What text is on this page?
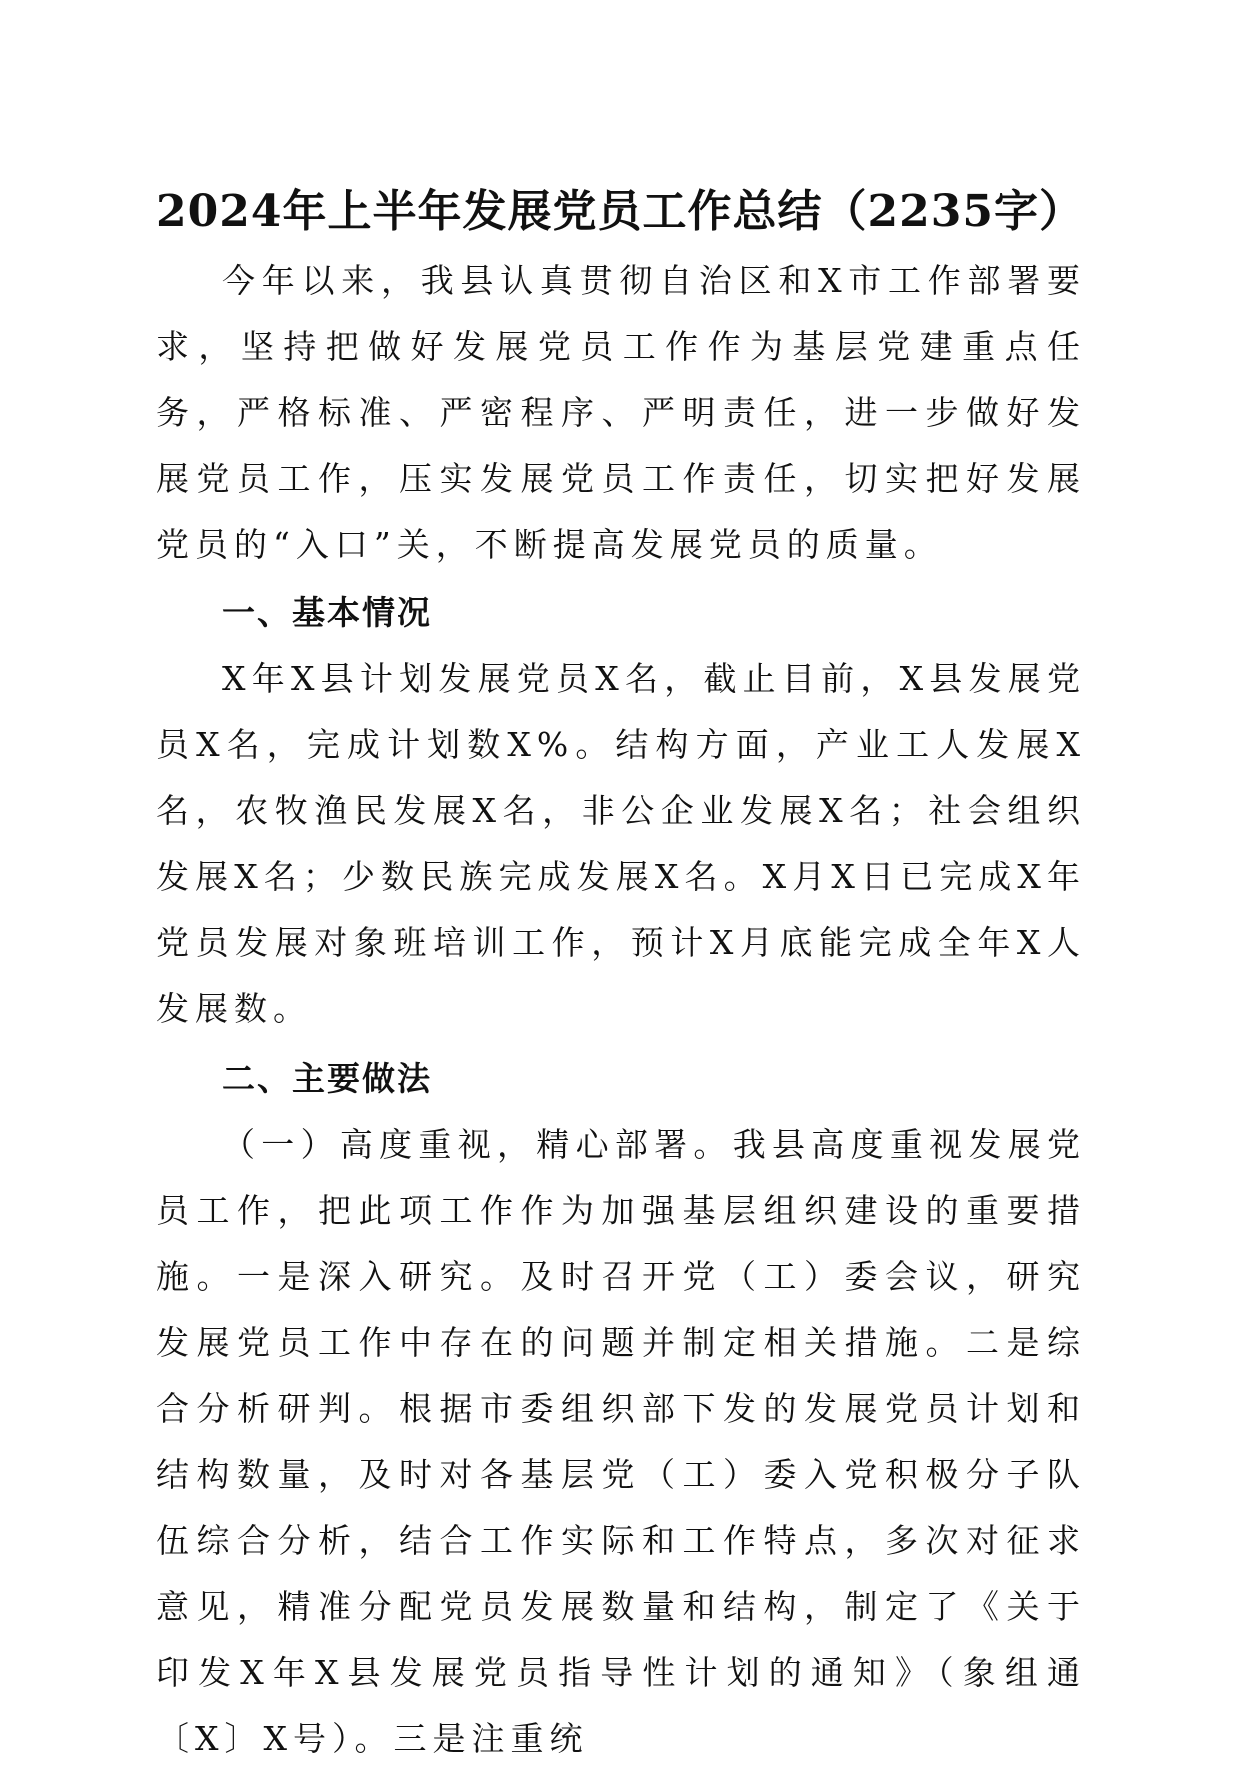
2024年上半年发展党员工作总结（2235字）

今年以来，我县认真贯彻自治区和X市工作部署要求，坚持把做好发展党员工作作为基层党建重点任务，严格标准、严密程序、严明责任，进一步做好发展党员工作，压实发展党员工作责任，切实把好发展党员的“入口”关，不断提高发展党员的质量。

一、基本情况

X年X县计划发展党员X名，截止目前，X县发展党员X名，完成计划数X%。结构方面，产业工人发展X名，农牧渔民发展X名，非公企业发展X名；社会组织发展X名；少数民族完成发展X名。X月X日已完成X年党员发展对象班培训工作，预计X月底能完成全年X人发展数。

二、主要做法

（一）高度重视，精心部署。我县高度重视发展党员工作，把此项工作作为加强基层组织建设的重要措施。一是深入研究。及时召开党（工）委会议，研究发展党员工作中存在的问题并制定相关措施。二是综合分析研判。根据市委组织部下发的发展党员计划和结构数量，及时对各基层党（工）委入党积极分子队伍综合分析，结合工作实际和工作特点，多次对征求意见，精准分配党员发展数量和结构，制定了《关于印发X年X县发展党员指导性计划的通知》（象组通〔X〕X号）。三是注重统
